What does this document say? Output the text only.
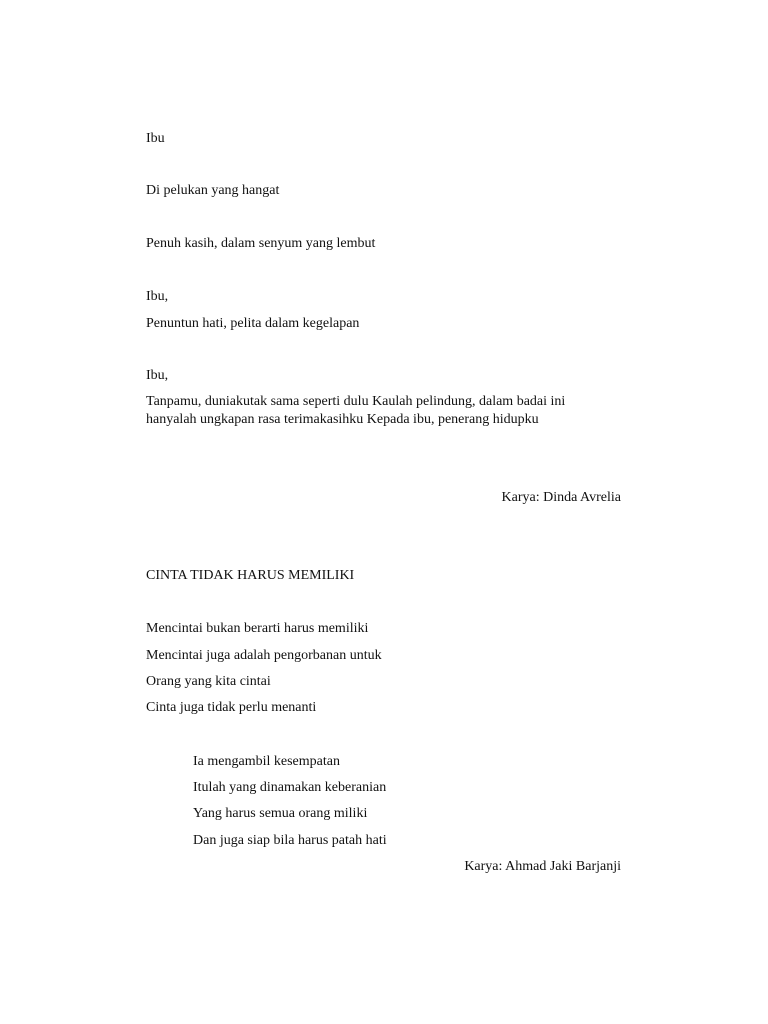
Ibu
Di pelukan yang hangat
Penuh kasih, dalam senyum yang lembut
Ibu,
Penuntun hati, pelita dalam kegelapan
Ibu,
Tanpamu, duniakutak sama seperti dulu Kaulah pelindung, dalam badai ini hanyalah ungkapan rasa terimakasihku Kepada ibu, penerang hidupku
Karya: Dinda Avrelia
CINTA TIDAK HARUS MEMILIKI
Mencintai bukan berarti harus memiliki
Mencintai juga adalah pengorbanan untuk
Orang yang kita cintai
Cinta juga tidak perlu menanti
Ia mengambil kesempatan
Itulah yang dinamakan keberanian
Yang harus semua orang miliki
Dan juga siap bila harus patah hati
Karya: Ahmad Jaki Barjanji
